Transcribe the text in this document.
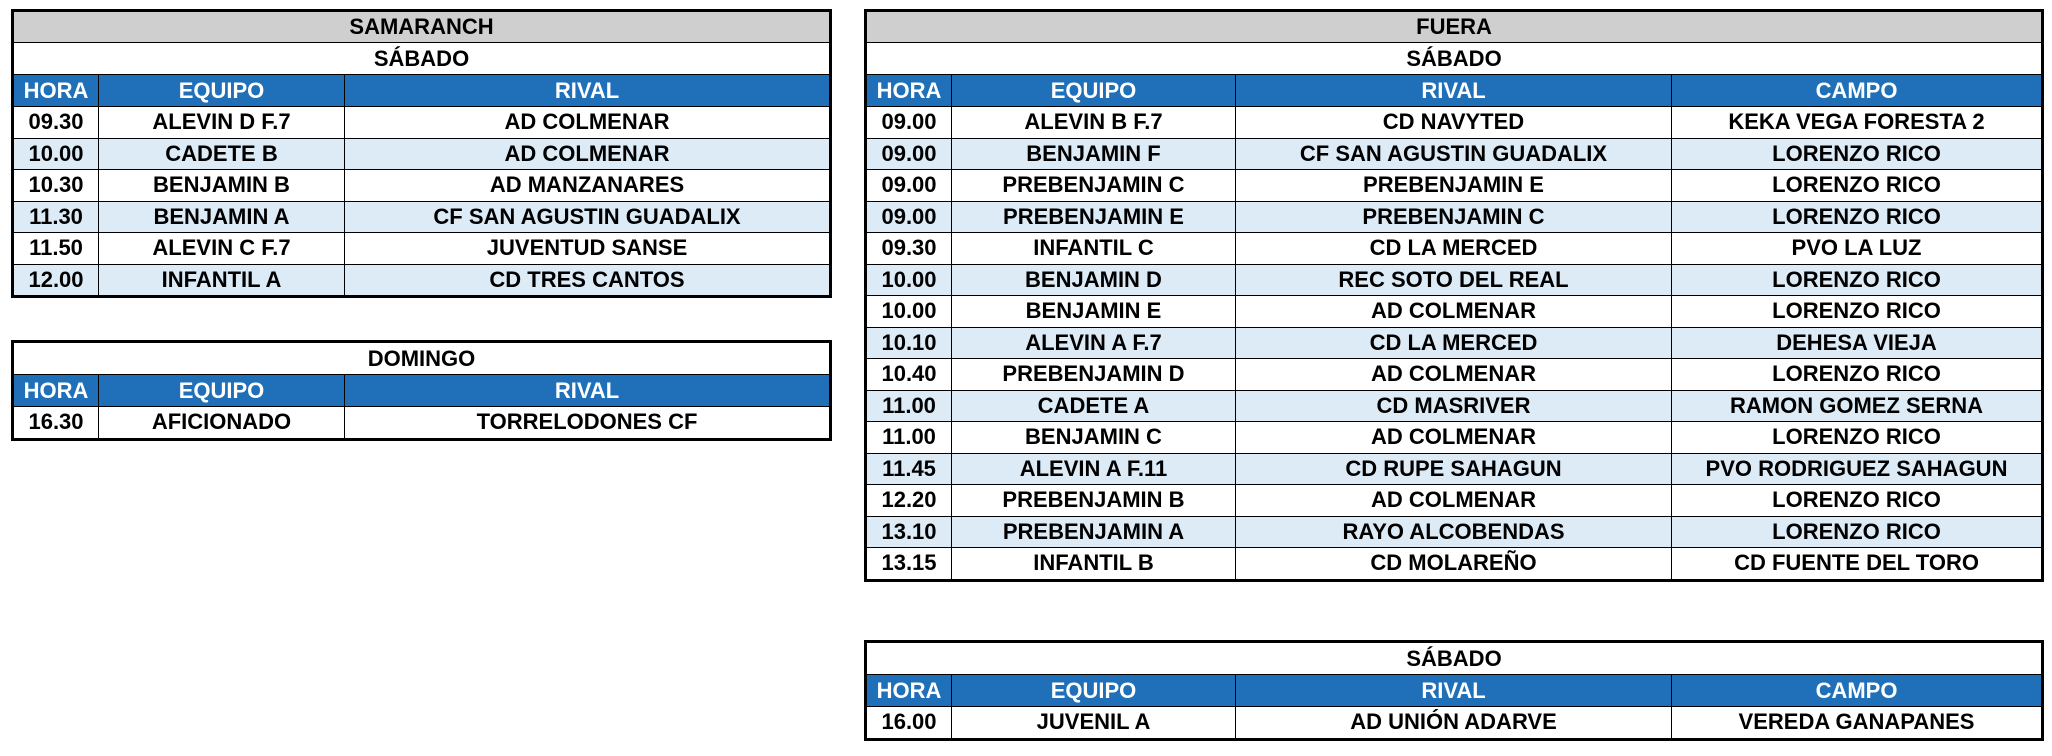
SAMARANCH		
SÁBADO		
HORA	EQUIPO	RIVAL
09.30	ALEVIN D F.7	AD COLMENAR
10.00	CADETE B	AD COLMENAR
10.30	BENJAMIN B	AD MANZANARES
11.30	BENJAMIN A	CF SAN AGUSTIN GUADALIX
11.50	ALEVIN C F.7	JUVENTUD SANSE
12.00	INFANTIL A	CD TRES CANTOS
DOMINGO		
HORA	EQUIPO	RIVAL
16.30	AFICIONADO	TORRELODONES CF
FUERA			
SÁBADO			
HORA	EQUIPO	RIVAL	CAMPO
09.00	ALEVIN B F.7	CD NAVYTED	KEKA VEGA FORESTA 2
09.00	BENJAMIN F	CF SAN AGUSTIN GUADALIX	LORENZO RICO
09.00	PREBENJAMIN C	PREBENJAMIN E	LORENZO RICO
09.00	PREBENJAMIN E	PREBENJAMIN C	LORENZO RICO
09.30	INFANTIL C	CD LA MERCED	PVO LA LUZ
10.00	BENJAMIN D	REC SOTO DEL REAL	LORENZO RICO
10.00	BENJAMIN E	AD COLMENAR	LORENZO RICO
10.10	ALEVIN A F.7	CD LA MERCED	DEHESA VIEJA
10.40	PREBENJAMIN D	AD COLMENAR	LORENZO RICO
11.00	CADETE A	CD MASRIVER	RAMON GOMEZ SERNA
11.00	BENJAMIN C	AD COLMENAR	LORENZO RICO
11.45	ALEVIN A F.11	CD RUPE SAHAGUN	PVO RODRIGUEZ SAHAGUN
12.20	PREBENJAMIN B	AD COLMENAR	LORENZO RICO
13.10	PREBENJAMIN A	RAYO ALCOBENDAS	LORENZO RICO
13.15	INFANTIL B	CD MOLAREÑO	CD FUENTE DEL TORO
SÁBADO			
HORA	EQUIPO	RIVAL	CAMPO
16.00	JUVENIL A	AD UNIÓN ADARVE	VEREDA GANAPANES
